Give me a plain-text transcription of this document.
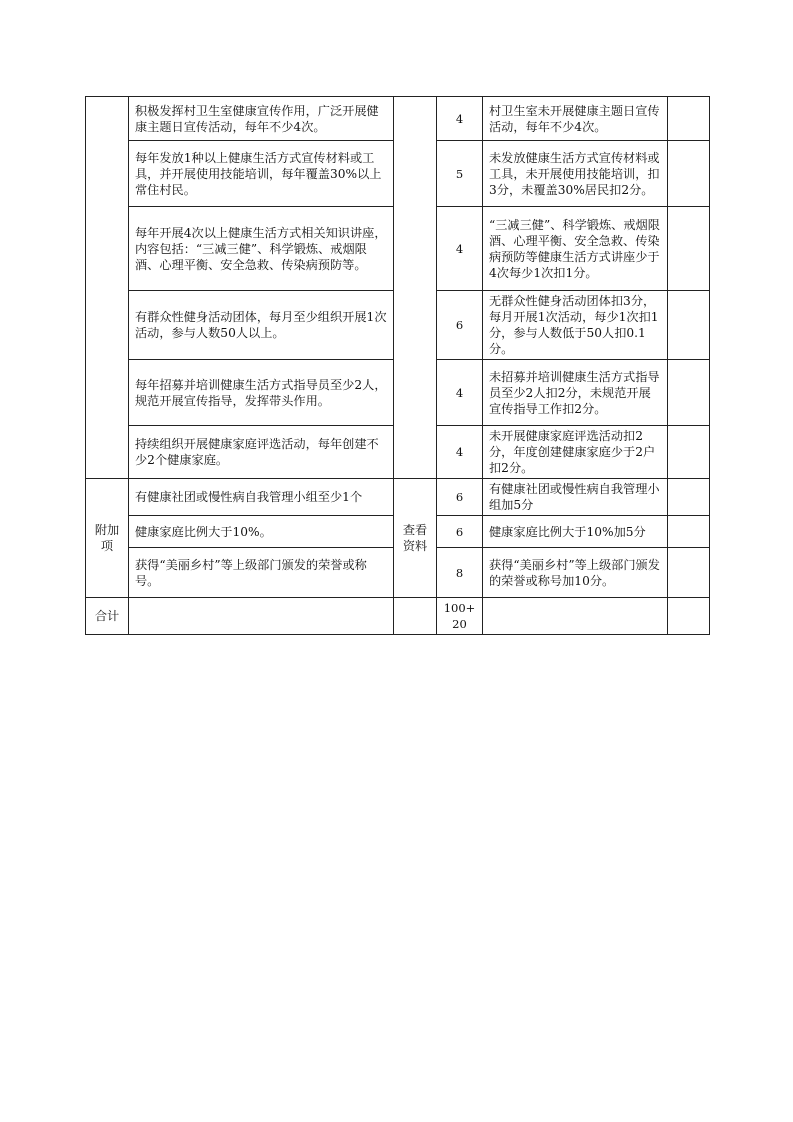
	积极发挥村卫生室健康宣传作用，广泛开展健康主题日宣传活动，每年不少4次。		4	村卫生室未开展健康主题日宣传活动，每年不少4次。	
	每年发放1种以上健康生活方式宣传材料或工具，并开展使用技能培训，每年覆盖30%以上常住村民。		5	未发放健康生活方式宣传材料或工具，未开展使用技能培训，扣3分，未覆盖30%居民扣2分。	
	每年开展4次以上健康生活方式相关知识讲座，内容包括：“三减三健”、科学锻炼、戒烟限酒、心理平衡、安全急救、传染病预防等。		4	“三减三健”、科学锻炼、戒烟限酒、心理平衡、安全急救、传染病预防等健康生活方式讲座少于4次每少1次扣1分。	
	有群众性健身活动团体，每月至少组织开展1次活动，参与人数50人以上。		6	无群众性健身活动团体扣3分，每月开展1次活动，每少1次扣1分，参与人数低于50人扣0.1分。	
	每年招募并培训健康生活方式指导员至少2人，规范开展宣传指导，发挥带头作用。		4	未招募并培训健康生活方式指导员至少2人扣2分，未规范开展宣传指导工作扣2分。	
	持续组织开展健康家庭评选活动，每年创建不少2个健康家庭。		4	未开展健康家庭评选活动扣2分，年度创建健康家庭少于2户扣2分。	
附加项	有健康社团或慢性病自我管理小组至少1个	查看资料	6	有健康社团或慢性病自我管理小组加5分	
	健康家庭比例大于10%。		6	健康家庭比例大于10%加5分	
	获得“美丽乡村”等上级部门颁发的荣誉或称号。		8	获得“美丽乡村”等上级部门颁发的荣誉或称号加10分。	
合计			100+20		
